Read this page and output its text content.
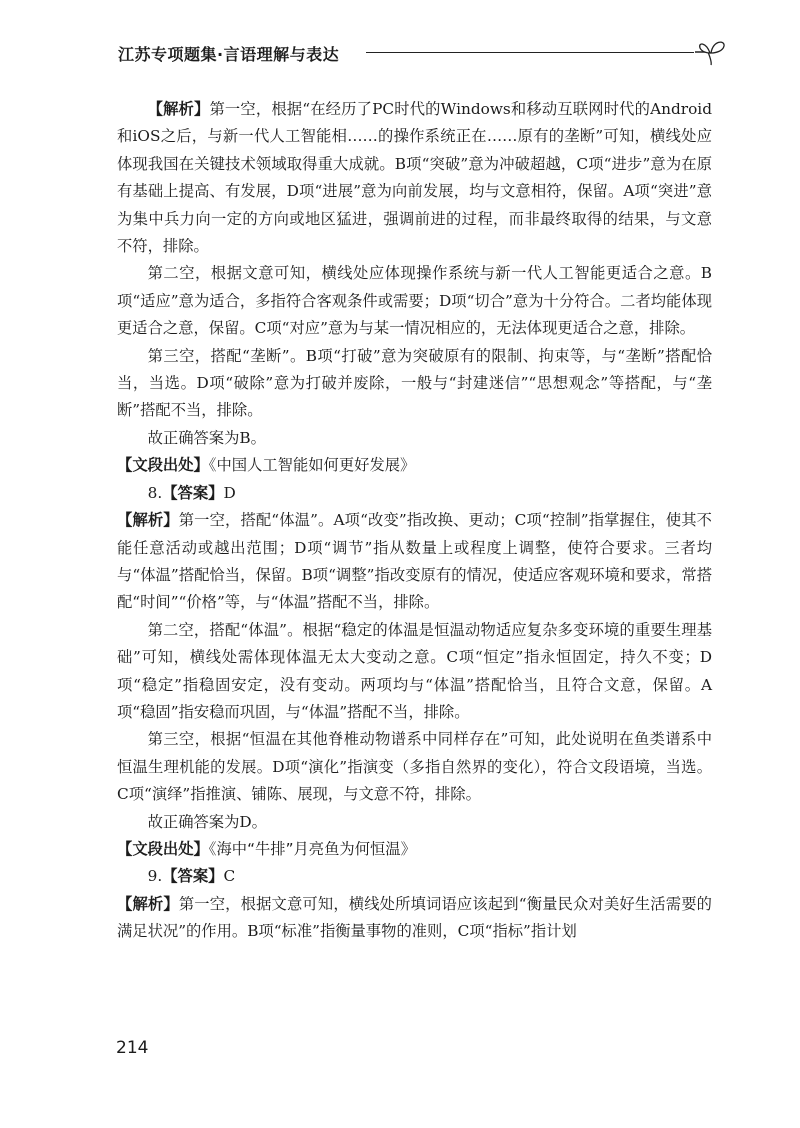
江苏专项题集·言语理解与表达

【解析】第一空，根据“在经历了PC时代的Windows和移动互联网时代的Android和iOS之后，与新一代人工智能相……的操作系统正在……原有的垄断”可知，横线处应体现我国在关键技术领域取得重大成就。B项“突破”意为冲破超越，C项“进步”意为在原有基础上提高、有发展，D项“进展”意为向前发展，均与文意相符，保留。A项“突进”意为集中兵力向一定的方向或地区猛进，强调前进的过程，而非最终取得的结果，与文意不符，排除。

第二空，根据文意可知，横线处应体现操作系统与新一代人工智能更适合之意。B项“适应”意为适合，多指符合客观条件或需要；D项“切合”意为十分符合。二者均能体现更适合之意，保留。C项“对应”意为与某一情况相应的，无法体现更适合之意，排除。

第三空，搭配“垄断”。B项“打破”意为突破原有的限制、拘束等，与“垄断”搭配恰当，当选。D项“破除”意为打破并废除，一般与“封建迷信”“思想观念”等搭配，与“垄断”搭配不当，排除。

故正确答案为B。

【文段出处】《中国人工智能如何更好发展》

8.【答案】D

【解析】第一空，搭配“体温”。A项“改变”指改换、更动；C项“控制”指掌握住，使其不能任意活动或越出范围；D项“调节”指从数量上或程度上调整，使符合要求。三者均与“体温”搭配恰当，保留。B项“调整”指改变原有的情况，使适应客观环境和要求，常搭配“时间”“价格”等，与“体温”搭配不当，排除。

第二空，搭配“体温”。根据“稳定的体温是恒温动物适应复杂多变环境的重要生理基础”可知，横线处需体现体温无太大变动之意。C项“恒定”指永恒固定，持久不变；D项“稳定”指稳固安定，没有变动。两项均与“体温”搭配恰当，且符合文意，保留。A项“稳固”指安稳而巩固，与“体温”搭配不当，排除。

第三空，根据“恒温在其他脊椎动物谱系中同样存在”可知，此处说明在鱼类谱系中恒温生理机能的发展。D项“演化”指演变（多指自然界的变化），符合文段语境，当选。C项“演绎”指推演、铺陈、展现，与文意不符，排除。

故正确答案为D。

【文段出处】《海中“牛排”月亮鱼为何恒温》

9.【答案】C

【解析】第一空，根据文意可知，横线处所填词语应该起到“衡量民众对美好生活需要的满足状况”的作用。B项“标准”指衡量事物的准则，C项“指标”指计划

214
